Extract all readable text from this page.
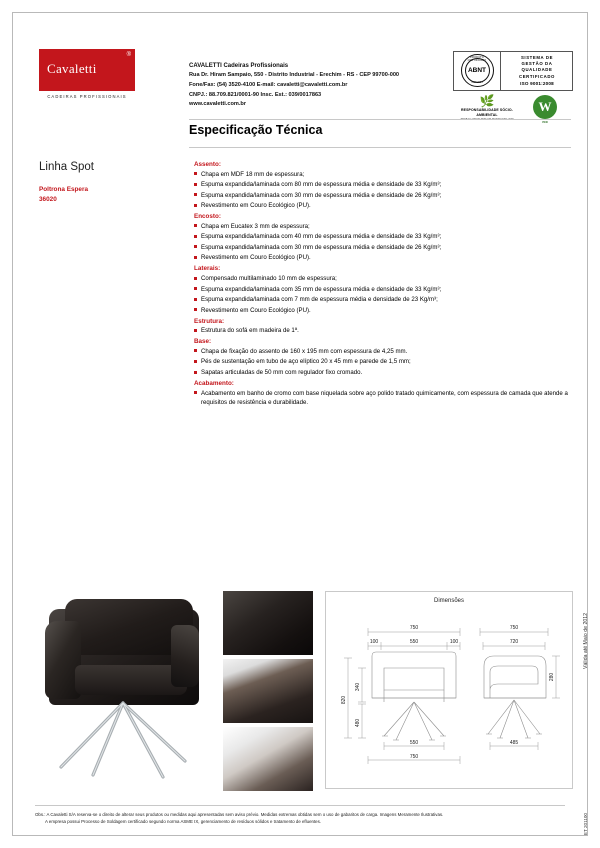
Cavaletti
®
CADEIRAS PROFISSIONAIS
CAVALETTI Cadeiras Profissionais
Rua Dr. Hiram Sampaio, 550 - Distrito Industrial - Erechim - RS - CEP 99700-000
Fone/Fax: (54) 3520-4100 E-mail: cavaletti@cavaletti.com.br
CNPJ.: 88.709.821/0001-90 Insc. Est.: 039/0017863
www.cavaletti.com.br
PRODUTO CERTIFICADO
ABNT
OCP 0004
SISTEMA DE
GESTÃO DA
QUALIDADE
CERTIFICADO
ISO 9001:2008
🌿
RESPONSABILIDADE SÓCIO-AMBIENTAL
TRABALHAMOS POR UM MUNDO MELHOR
W
eco
Especificação Técnica
Linha Spot
Poltrona Espera
36020
Assento:
Chapa em MDF 18 mm de espessura;
Espuma expandida/laminada com 80 mm de espessura média e densidade de 33 Kg/m³;
Espuma expandida/laminada com 30 mm de espessura média e densidade de 26 Kg/m³;
Revestimento em Couro Ecológico (PU).
Encosto:
Chapa em Eucatex 3 mm de espessura;
Espuma expandida/laminada com 40 mm de espessura média e densidade de 33 Kg/m³;
Espuma expandida/laminada com 30 mm de espessura média e densidade de 26 Kg/m³;
Revestimento em Couro Ecológico (PU).
Laterais:
Compensado multilaminado 10 mm de espessura;
Espuma expandida/laminada com 35 mm de espessura média e densidade de 33 Kg/m³;
Espuma expandida/laminada com 7 mm de espessura média e densidade de 23 Kg/m³;
Revestimento em Couro Ecológico (PU).
Estrutura:
Estrutura do sofá em madeira de 1ª.
Base:
Chapa de fixação do assento de 160 x 195 mm com espessura de 4,25 mm.
Pés de sustentação em tubo de aço elíptico 20 x 45 mm e parede de 1,5 mm;
Sapatas articuladas de 50 mm com regulador fixo cromado.
Acabamento:
Acabamento em banho de cromo com base niquelada sobre aço polido tratado quimicamente, com espessura de camada que atende a requisitos de resistência e durabilidade.
Dimensões
750
100	550	100
340
480
820
550
750
750
720
280
485
Válida até Maio de 2012
ET 201100
Obs.: A Cavaletti S/A reserva-se o direito de alterar seus produtos ou medidas aqui apresentadas sem aviso prévio. Medidas extremas obtidas sem o uso de gabaritos de carga. Imagens Meramente Ilustrativas.
A empresa possui Processo de Soldagem certificado segundo norma ASME IX, gerenciamento de resíduos sólidos e tratamento de efluentes.
